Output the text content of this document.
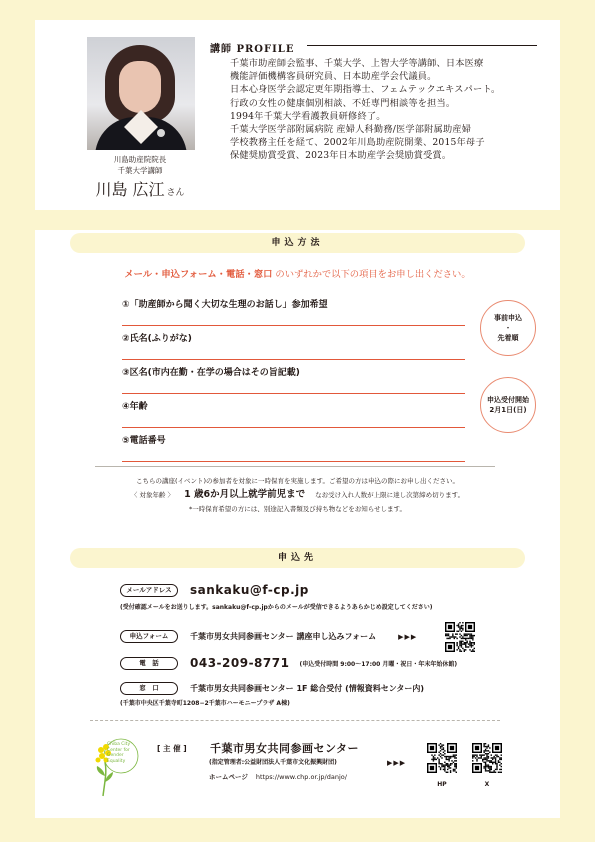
川島助産院院長
千葉大学講師
川島 広江 さん
講師 PROFILE
千葉市助産師会監事、千葉大学、上智大学等講師、日本医療
機能評価機構客員研究員、日本助産学会代議員。
日本心身医学会認定更年期指導士、フェムテックエキスパート。
行政の女性の健康個別相談、不妊専門相談等を担当。
1994年千葉大学看護教員研修終了。
千葉大学医学部附属病院 産婦人科勤務/医学部附属助産婦
学校教務主任を経て、2002年川島助産院開業、2015年母子
保健奨励賞受賞、2023年日本助産学会奨励賞受賞。
申込方法
メール・申込フォーム・電話・窓口 のいずれかで以下の項目をお申し出ください。
①「助産師から聞く大切な生理のお話し」参加希望
②氏名(ふりがな)
③区名(市内在勤・在学の場合はその旨記載)
④年齢
⑤電話番号
事前申込
・
先着順
申込受付開始
2月1日(日)
こちらの講座(イベント)の参加者を対象に一時保育を実施します。ご希望の方は申込の際にお申し出ください。
〈 対象年齢 〉 1 歳6か月以上就学前児まで なお受け入れ人数が上限に達し次第締め切ります。
*一時保育希望の方には、別途記入書類及び持ち物などをお知らせします。
申込先
メールアドレス	sankaku@f-cp.jp
(受付確認メールをお送りします。sankaku@f-cp.jpからのメールが受信できるようあらかじめ設定してください)
申込フォーム	千葉市男女共同参画センター 講座申し込みフォーム	▶▶▶
電　話	043-209-8771 (申込受付時間 9:00〜17:00 月曜・祝日・年末年始休館)
窓　口	千葉市男女共同参画センター 1F 総合受付 (情報資料センター内)
(千葉市中央区千葉寺町1208−2千葉市ハーモニープラザ A棟)
Chiba City Center for Gender Equality
[ 主 催 ] 千葉市男女共同参画センター
(指定管理者:公益財団法人千葉市文化振興財団)
ホームページ https://www.chp.or.jp/danjo/
▶▶▶
HP	X
